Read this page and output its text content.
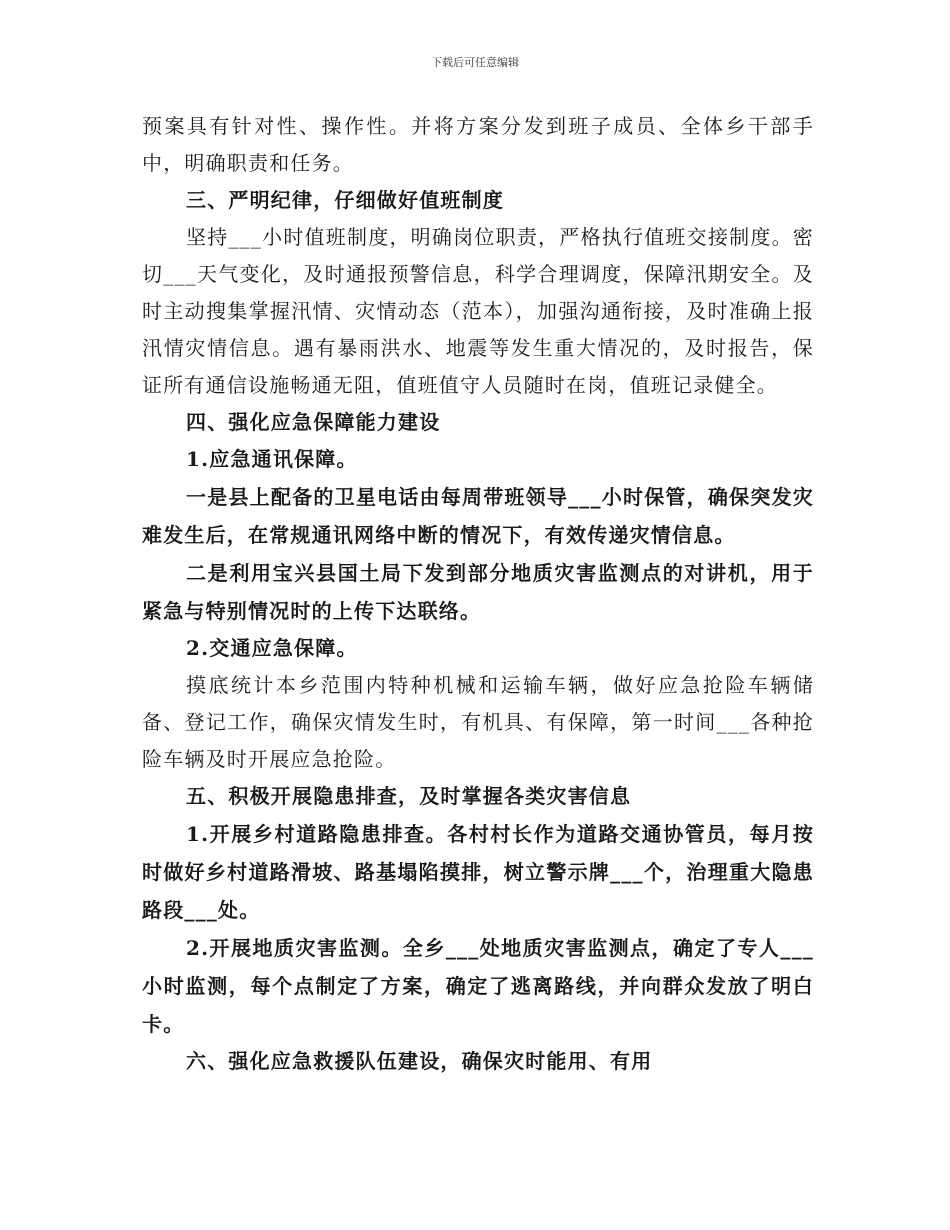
下载后可任意编辑

预案具有针对性、操作性。并将方案分发到班子成员、全体乡干部手中，明确职责和任务。

三、严明纪律，仔细做好值班制度

坚持___小时值班制度，明确岗位职责，严格执行值班交接制度。密切___天气变化，及时通报预警信息，科学合理调度，保障汛期安全。及时主动搜集掌握汛情、灾情动态（范本），加强沟通衔接，及时准确上报汛情灾情信息。遇有暴雨洪水、地震等发生重大情况的，及时报告，保证所有通信设施畅通无阻，值班值守人员随时在岗，值班记录健全。

四、强化应急保障能力建设

1.应急通讯保障。

一是县上配备的卫星电话由每周带班领导___小时保管，确保突发灾难发生后，在常规通讯网络中断的情况下，有效传递灾情信息。

二是利用宝兴县国土局下发到部分地质灾害监测点的对讲机，用于紧急与特别情况时的上传下达联络。

2.交通应急保障。

摸底统计本乡范围内特种机械和运输车辆，做好应急抢险车辆储备、登记工作，确保灾情发生时，有机具、有保障，第一时间___各种抢险车辆及时开展应急抢险。

五、积极开展隐患排查，及时掌握各类灾害信息

1.开展乡村道路隐患排查。各村村长作为道路交通协管员，每月按时做好乡村道路滑坡、路基塌陷摸排，树立警示牌___个，治理重大隐患路段___处。

2.开展地质灾害监测。全乡___处地质灾害监测点，确定了专人___小时监测，每个点制定了方案，确定了逃离路线，并向群众发放了明白卡。

六、强化应急救援队伍建设，确保灾时能用、有用
